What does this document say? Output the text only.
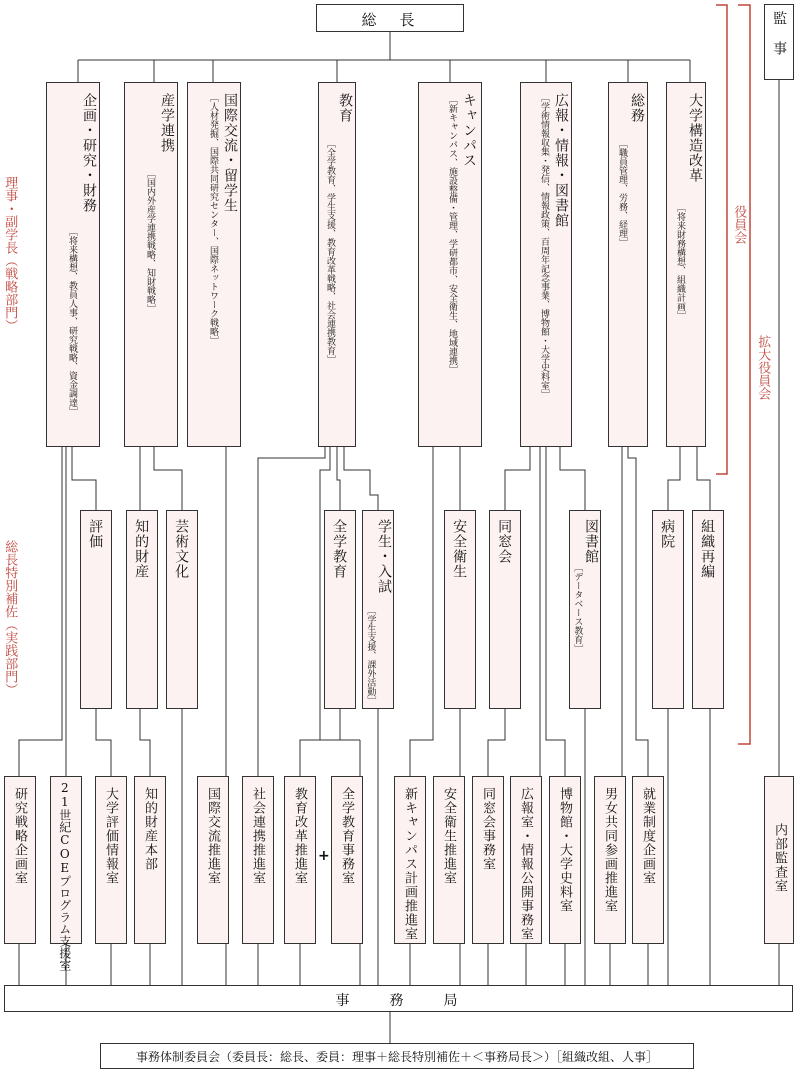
総　長	監　事
理事・副学長（戦略部門）
総長特別補佐（実践部門）
役員会
拡大役員会
企画・研究・財務
［将来構想、教員人事、研究戦略、資金調達］
産学連携
［国内外産学連携戦略、知財戦略］
国際交流・留学生
［人材発掘、国際共同研究センター、国際ネットワーク戦略］	教育
［全学教育、学生支援、教育改革戦略、社会連携教育］
キャンパス
［新キャンパス、施設整備・管理、学研都市、安全衛生、地域連携］	広報・情報・図書館
［学術情報収集・発信、情報政策、百周年記念事業、博物館・大学史料室］	総務
［職員管理、労務、経理］
大学構造改革
［将来財務構想、組織計画］
評価 知的財産 芸術文化	全学教育 学生・入試
［学生支援、課外活動］
安全衛生 同窓会	図書館
［データベース教育］
病院 組織再編
研究戦略企画室	21世紀COEプログラム支援室 大学評価情報室 知的財産本部	国際交流推進室 社会連携推進室 教育改革推進室 + 全学教育事務室	新キャンパス計画推進室 安全衛生推進室 同窓会事務室 広報室・情報公開事務室 博物館・大学史料室 男女共同参画推進室 就業制度企画室	内部監査室
事　　務　　局
事務体制委員会（委員長：総長、委員：理事＋総長特別補佐＋＜事務局長＞）［組織改組、人事］
